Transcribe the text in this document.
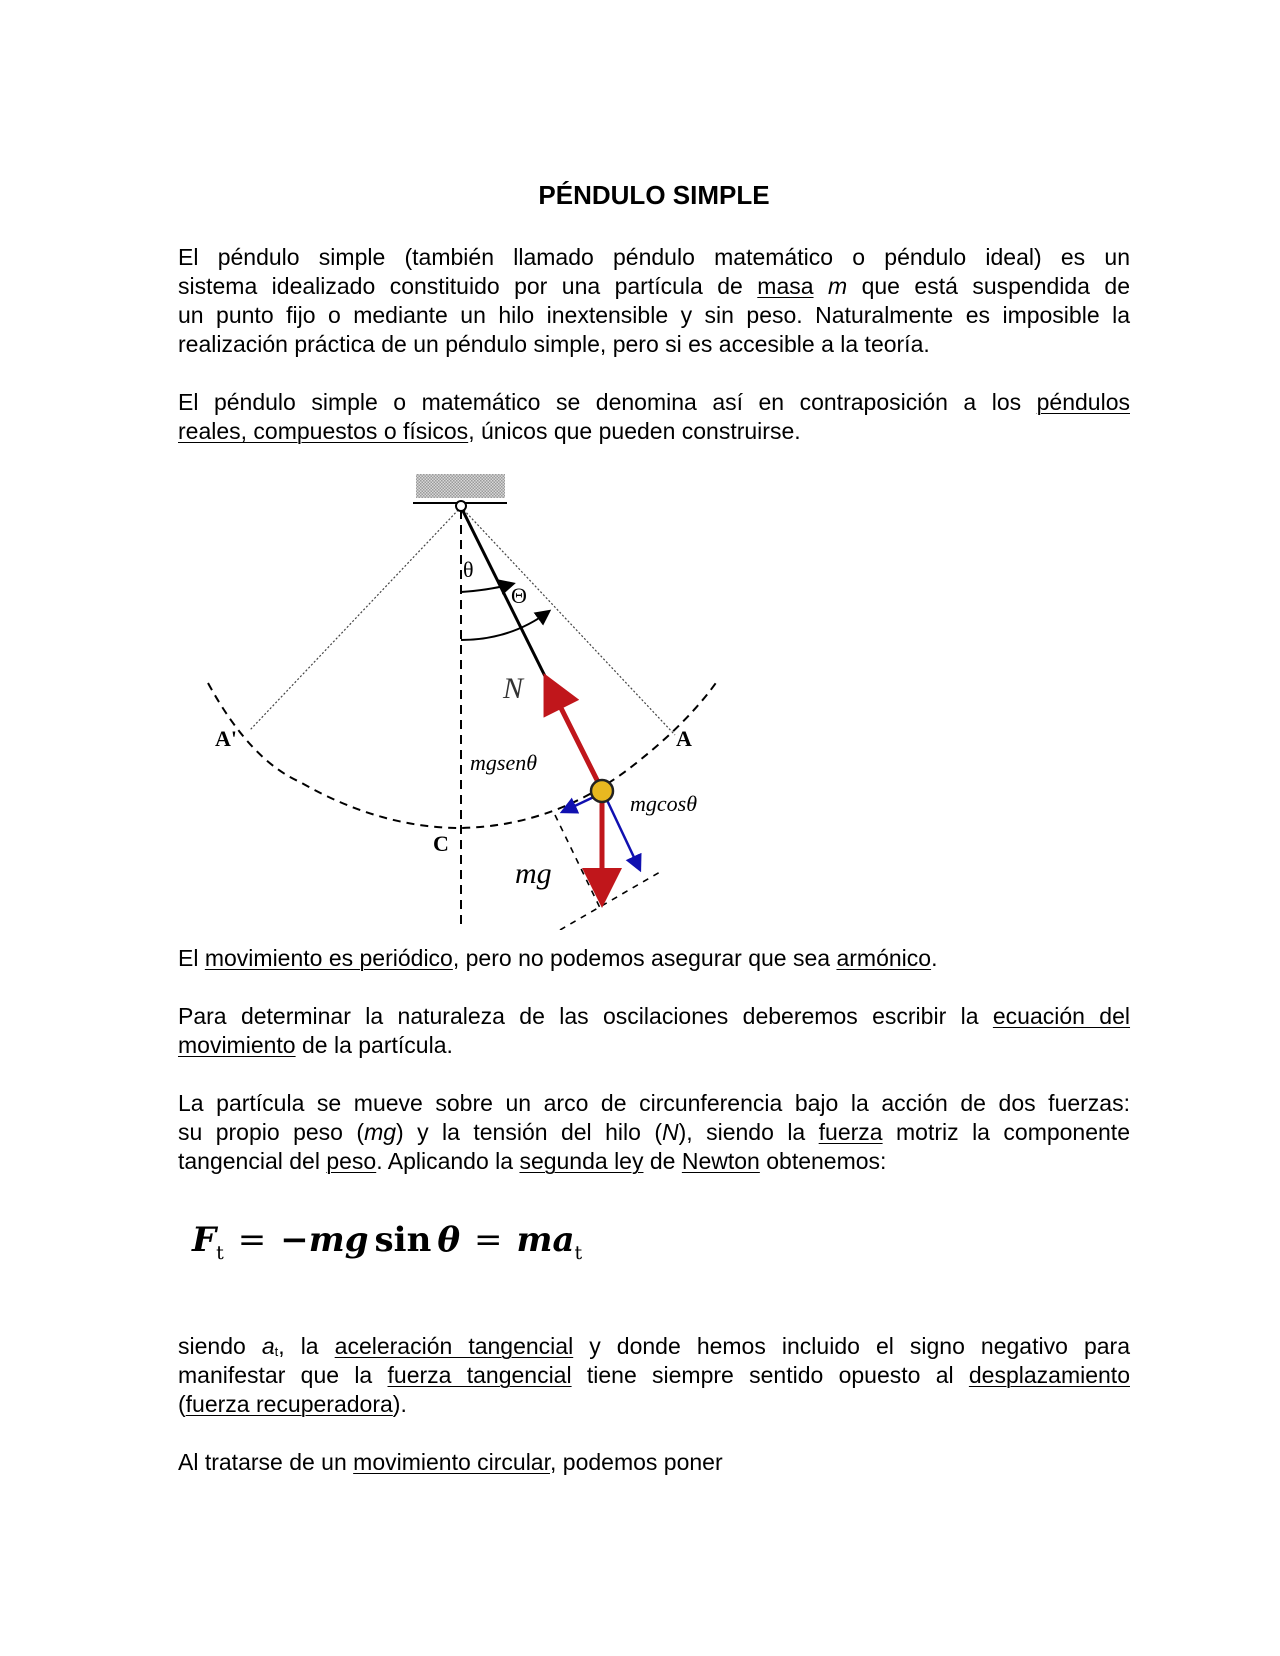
PÉNDULO SIMPLE
El péndulo simple (también llamado péndulo matemático o péndulo ideal) es un
sistema idealizado constituido por una partícula de masa m que está suspendida de
un punto fijo o mediante un hilo inextensible y sin peso. Naturalmente es imposible la
realización práctica de un péndulo simple, pero si es accesible a la teoría.
El péndulo simple o matemático se denomina así en contraposición a los péndulos
reales, compuestos o físicos, únicos que pueden construirse.
θ
Θ
N
A
A'
C
mgsenθ
mgcosθ
mg
El movimiento es periódico, pero no podemos asegurar que sea armónico.
Para determinar la naturaleza de las oscilaciones deberemos escribir la ecuación del
movimiento de la partícula.
La partícula se mueve sobre un arco de circunferencia bajo la acción de dos fuerzas:
su propio peso (mg) y la tensión del hilo (N), siendo la fuerza motriz la componente
tangencial del peso. Aplicando la segunda ley de Newton obtenemos:
$F_t = -mg$ $\sin \theta = ma_t$
siendo at, la aceleración tangencial y donde hemos incluido el signo negativo para
manifestar que la fuerza tangencial tiene siempre sentido opuesto al desplazamiento
(fuerza recuperadora).
Al tratarse de un movimiento circular, podemos poner
